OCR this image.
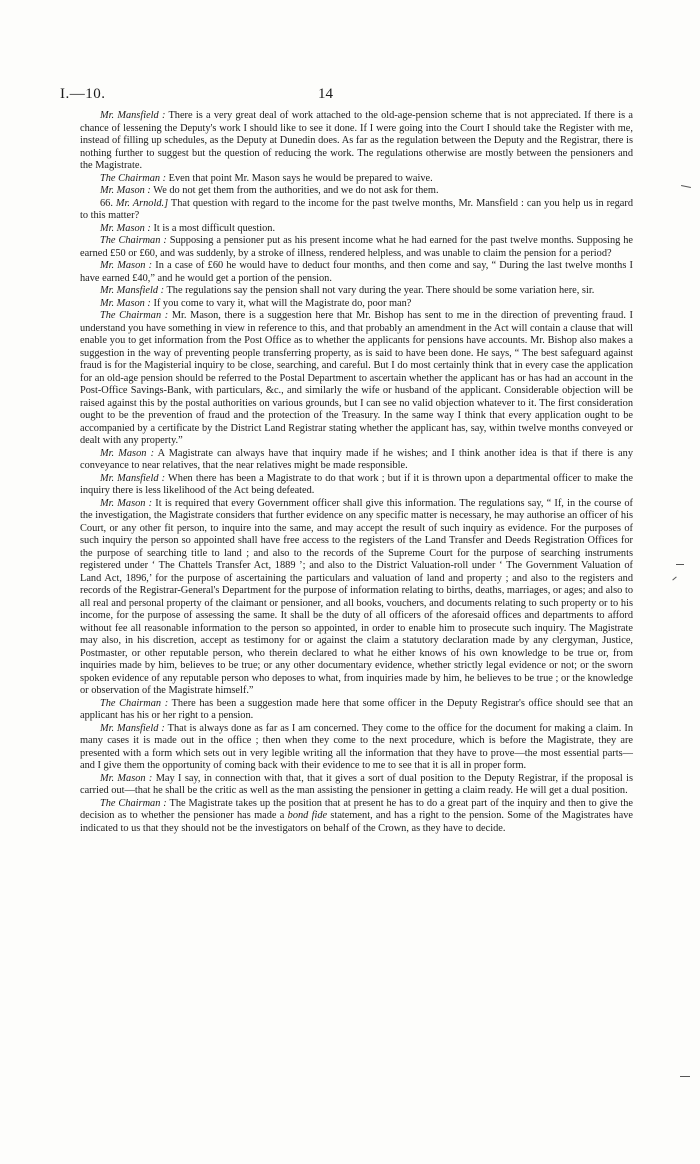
I.—10.	14

Mr. Mansfield : There is a very great deal of work attached to the old-age-pension scheme that is not appreciated. If there is a chance of lessening the Deputy's work I should like to see it done. If I were going into the Court I should take the Register with me, instead of filling up schedules, as the Deputy at Dunedin does. As far as the regulation between the Deputy and the Registrar, there is nothing further to suggest but the question of reducing the work. The regulations otherwise are mostly between the pensioners and the Magistrate.

The Chairman : Even that point Mr. Mason says he would be prepared to waive.

Mr. Mason : We do not get them from the authorities, and we do not ask for them.

66. Mr. Arnold.] That question with regard to the income for the past twelve months, Mr. Mansfield : can you help us in regard to this matter?

Mr. Mason : It is a most difficult question.

The Chairman : Supposing a pensioner put as his present income what he had earned for the past twelve months. Supposing he earned £50 or £60, and was suddenly, by a stroke of illness, rendered helpless, and was unable to claim the pension for a period?

Mr. Mason : In a case of £60 he would have to deduct four months, and then come and say, “ During the last twelve months I have earned £40,” and he would get a portion of the pension.

Mr. Mansfield : The regulations say the pension shall not vary during the year. There should be some variation here, sir.

Mr. Mason : If you come to vary it, what will the Magistrate do, poor man?

The Chairman : Mr. Mason, there is a suggestion here that Mr. Bishop has sent to me in the direction of preventing fraud. I understand you have something in view in reference to this, and that probably an amendment in the Act will contain a clause that will enable you to get information from the Post Office as to whether the applicants for pensions have accounts. Mr. Bishop also makes a suggestion in the way of preventing people transferring property, as is said to have been done. He says, “ The best safeguard against fraud is for the Magisterial inquiry to be close, searching, and careful. But I do most certainly think that in every case the application for an old-age pension should be referred to the Postal Department to ascertain whether the applicant has or has had an account in the Post-Office Savings-Bank, with particulars, &c., and similarly the wife or husband of the applicant. Considerable objection will be raised against this by the postal authorities on various grounds, but I can see no valid objection whatever to it. The first consideration ought to be the prevention of fraud and the protection of the Treasury. In the same way I think that every application ought to be accompanied by a certificate by the District Land Registrar stating whether the applicant has, say, within twelve months conveyed or dealt with any property.”

Mr. Mason : A Magistrate can always have that inquiry made if he wishes; and I think another idea is that if there is any conveyance to near relatives, that the near relatives might be made responsible.

Mr. Mansfield : When there has been a Magistrate to do that work ; but if it is thrown upon a departmental officer to make the inquiry there is less likelihood of the Act being defeated.

Mr. Mason : It is required that every Government officer shall give this information. The regulations say, “ If, in the course of the investigation, the Magistrate considers that further evidence on any specific matter is necessary, he may authorise an officer of his Court, or any other fit person, to inquire into the same, and may accept the result of such inquiry as evidence. For the purposes of such inquiry the person so appointed shall have free access to the registers of the Land Transfer and Deeds Registration Offices for the purpose of searching title to land ; and also to the records of the Supreme Court for the purpose of searching instruments registered under ‘ The Chattels Transfer Act, 1889 ’; and also to the District Valuation-roll under ‘ The Government Valuation of Land Act, 1896,’ for the purpose of ascertaining the particulars and valuation of land and property ; and also to the registers and records of the Registrar-General's Department for the purpose of information relating to births, deaths, marriages, or ages; and also to all real and personal property of the claimant or pensioner, and all books, vouchers, and documents relating to such property or to his income, for the purpose of assessing the same. It shall be the duty of all officers of the aforesaid offices and departments to afford without fee all reasonable information to the person so appointed, in order to enable him to prosecute such inquiry. The Magistrate may also, in his discretion, accept as testimony for or against the claim a statutory declaration made by any clergyman, Justice, Postmaster, or other reputable person, who therein declared to what he either knows of his own knowledge to be true or, from inquiries made by him, believes to be true; or any other documentary evidence, whether strictly legal evidence or not; or the sworn spoken evidence of any reputable person who deposes to what, from inquiries made by him, he believes to be true ; or the knowledge or observation of the Magistrate himself.”

The Chairman : There has been a suggestion made here that some officer in the Deputy Registrar's office should see that an applicant has his or her right to a pension.

Mr. Mansfield : That is always done as far as I am concerned. They come to the office for the document for making a claim. In many cases it is made out in the office ; then when they come to the next procedure, which is before the Magistrate, they are presented with a form which sets out in very legible writing all the information that they have to prove—the most essential parts—and I give them the opportunity of coming back with their evidence to me to see that it is all in proper form.

Mr. Mason : May I say, in connection with that, that it gives a sort of dual position to the Deputy Registrar, if the proposal is carried out—that he shall be the critic as well as the man assisting the pensioner in getting a claim ready. He will get a dual position.

The Chairman : The Magistrate takes up the position that at present he has to do a great part of the inquiry and then to give the decision as to whether the pensioner has made a bond fide statement, and has a right to the pension. Some of the Magistrates have indicated to us that they should not be the investigators on behalf of the Crown, as they have to decide.
